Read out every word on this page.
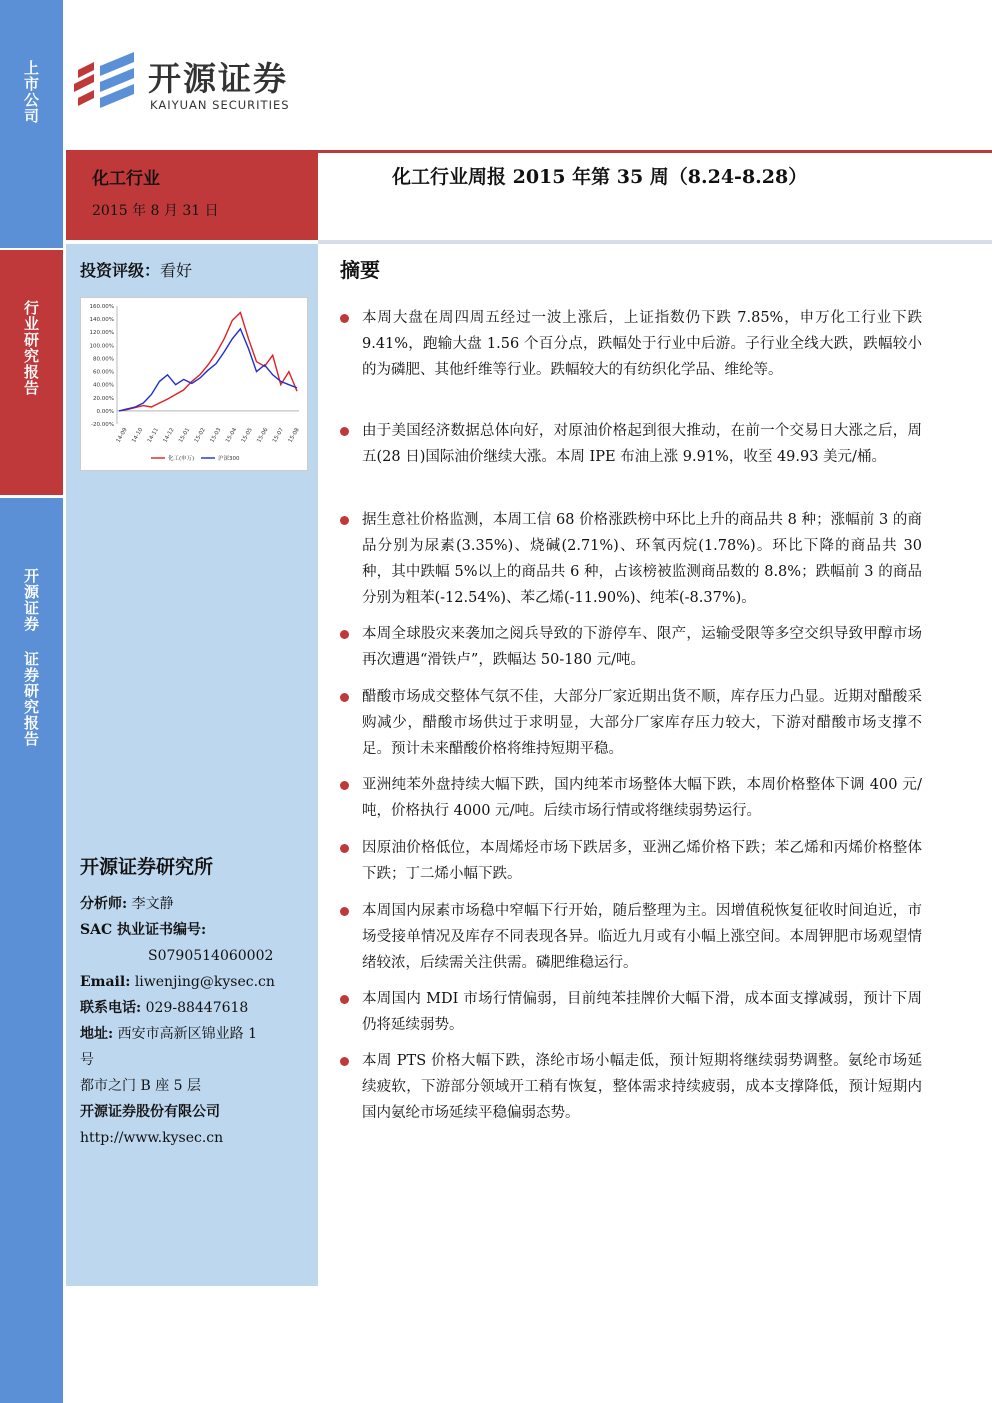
上市公司
行业研究报告
开源证券 证券研究报告
开源证券
KAIYUAN SECURITIES
化工行业
2015 年 8 月 31 日
化工行业周报 2015 年第 35 周（8.24-8.28）
投资评级：看好
160.00%
140.00%
120.00%
100.00%
80.00%
60.00%
40.00%
20.00%
0.00%
-20.00%
14-09 14-10 14-11 14-12 15-01 15-02 15-03 15-04 15-05 15-06 15-07 15-08
化工(申万)	沪深300
开源证券研究所
分析师: 李文静
SAC 执业证书编号:
S0790514060002
Email: liwenjing@kysec.cn
联系电话: 029-88447618
地址: 西安市高新区锦业路 1
号
都市之门 B 座 5 层
开源证券股份有限公司
http://www.kysec.cn
摘要
本周大盘在周四周五经过一波上涨后，上证指数仍下跌 7.85%，申万化工行业下跌 9.41%，跑输大盘 1.56 个百分点，跌幅处于行业中后游。子行业全线大跌，跌幅较小的为磷肥、其他纤维等行业。跌幅较大的有纺织化学品、维纶等。
由于美国经济数据总体向好，对原油价格起到很大推动，在前一个交易日大涨之后，周五(28 日)国际油价继续大涨。本周 IPE 布油上涨 9.91%，收至 49.93 美元/桶。
据生意社价格监测，本周工信 68 价格涨跌榜中环比上升的商品共 8 种；涨幅前 3 的商品分别为尿素(3.35%)、烧碱(2.71%)、环氧丙烷(1.78%)。环比下降的商品共 30 种，其中跌幅 5%以上的商品共 6 种，占该榜被监测商品数的 8.8%；跌幅前 3 的商品分别为粗苯(-12.54%)、苯乙烯(-11.90%)、纯苯(-8.37%)。
本周全球股灾来袭加之阅兵导致的下游停车、限产，运输受限等多空交织导致甲醇市场再次遭遇“滑铁卢”，跌幅达 50-180 元/吨。
醋酸市场成交整体气氛不佳，大部分厂家近期出货不顺，库存压力凸显。近期对醋酸采购减少，醋酸市场供过于求明显，大部分厂家库存压力较大，下游对醋酸市场支撑不足。预计未来醋酸价格将维持短期平稳。
亚洲纯苯外盘持续大幅下跌，国内纯苯市场整体大幅下跌，本周价格整体下调 400 元/吨，价格执行 4000 元/吨。后续市场行情或将继续弱势运行。
因原油价格低位，本周烯烃市场下跌居多，亚洲乙烯价格下跌；苯乙烯和丙烯价格整体下跌；丁二烯小幅下跌。
本周国内尿素市场稳中窄幅下行开始，随后整理为主。因增值税恢复征收时间迫近，市场受接单情况及库存不同表现各异。临近九月或有小幅上涨空间。本周钾肥市场观望情绪较浓，后续需关注供需。磷肥维稳运行。
本周国内 MDI 市场行情偏弱，目前纯苯挂牌价大幅下滑，成本面支撑减弱，预计下周仍将延续弱势。
本周 PTS 价格大幅下跌，涤纶市场小幅走低，预计短期将继续弱势调整。氨纶市场延续疲软，下游部分领域开工稍有恢复，整体需求持续疲弱，成本支撑降低，预计短期内国内氨纶市场延续平稳偏弱态势。
